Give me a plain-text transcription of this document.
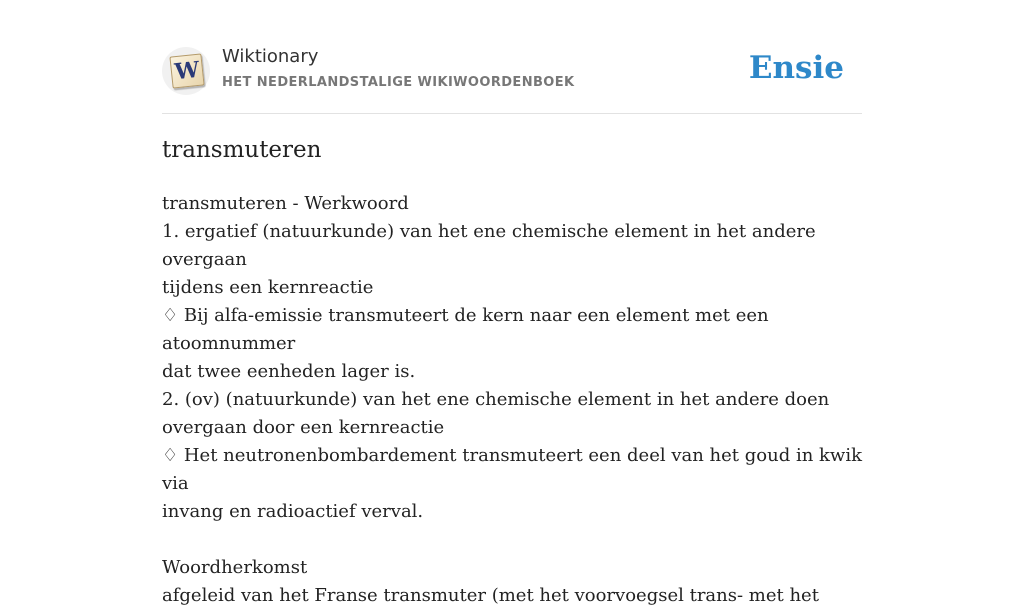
W
Wiktionary
HET NEDERLANDSTALIGE WIKIWOORDENBOEK	Ensie
transmuteren
transmuteren - Werkwoord
1. ergatief (natuurkunde) van het ene chemische element in het andere overgaan
tijdens een kernreactie
♢ Bij alfa-emissie transmuteert de kern naar een element met een atoomnummer
dat twee eenheden lager is.
2. (ov) (natuurkunde) van het ene chemische element in het andere doen
overgaan door een kernreactie
♢ Het neutronenbombardement transmuteert een deel van het goud in kwik via
invang en radioactief verval.
Woordherkomst
afgeleid van het Franse transmuter (met het voorvoegsel trans- met het
